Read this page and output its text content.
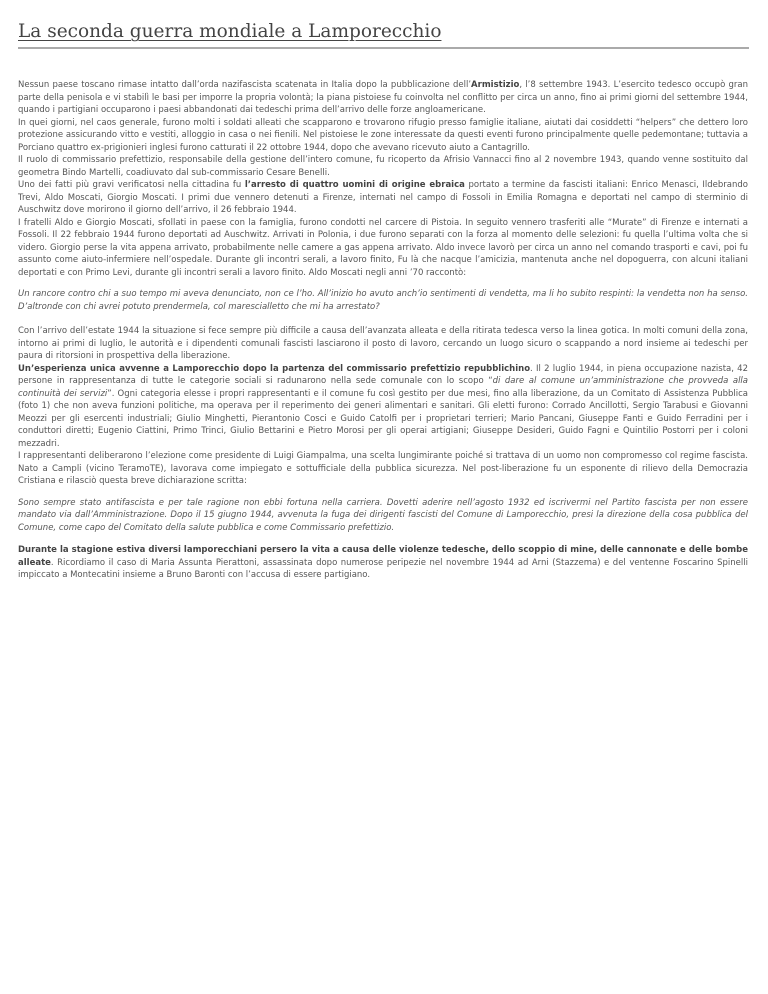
La seconda guerra mondiale a Lamporecchio

Nessun paese toscano rimase intatto dall’orda nazifascista scatenata in Italia dopo la pubblicazione dell’Armistizio, l’8 settembre 1943. L’esercito tedesco occupò gran parte della penisola e vi stabilì le basi per imporre la propria volontà; la piana pistoiese fu coinvolta nel conflitto per circa un anno, fino ai primi giorni del settembre 1944, quando i partigiani occuparono i paesi abbandonati dai tedeschi prima dell’arrivo delle forze angloamericane.

In quei giorni, nel caos generale, furono molti i soldati alleati che scapparono e trovarono rifugio presso famiglie italiane, aiutati dai cosiddetti “helpers” che dettero loro protezione assicurando vitto e vestiti, alloggio in casa o nei fienili. Nel pistoiese le zone interessate da questi eventi furono principalmente quelle pedemontane; tuttavia a Porciano quattro ex-prigionieri inglesi furono catturati il 22 ottobre 1944, dopo che avevano ricevuto aiuto a Cantagrillo.

Il ruolo di commissario prefettizio, responsabile della gestione dell’intero comune, fu ricoperto da Afrisio Vannacci fino al 2 novembre 1943, quando venne sostituito dal geometra Bindo Martelli, coadiuvato dal sub-commissario Cesare Benelli.

Uno dei fatti più gravi verificatosi nella cittadina fu l’arresto di quattro uomini di origine ebraica portato a termine da fascisti italiani: Enrico Menasci, Ildebrando Trevi, Aldo Moscati, Giorgio Moscati. I primi due vennero detenuti a Firenze, internati nel campo di Fossoli in Emilia Romagna e deportati nel campo di sterminio di Auschwitz dove morirono il giorno dell’arrivo, il 26 febbraio 1944.

I fratelli Aldo e Giorgio Moscati, sfollati in paese con la famiglia, furono condotti nel carcere di Pistoia. In seguito vennero trasferiti alle “Murate” di Firenze e internati a Fossoli. Il 22 febbraio 1944 furono deportati ad Auschwitz. Arrivati in Polonia, i due furono separati con la forza al momento delle selezioni: fu quella l’ultima volta che si videro. Giorgio perse la vita appena arrivato, probabilmente nelle camere a gas appena arrivato. Aldo invece lavorò per circa un anno nel comando trasporti e cavi, poi fu assunto come aiuto-infermiere nell’ospedale. Durante gli incontri serali, a lavoro finito, Fu là che nacque l’amicizia, mantenuta anche nel dopoguerra, con alcuni italiani deportati e con Primo Levi, durante gli incontri serali a lavoro finito. Aldo Moscati negli anni ’70 raccontò:

Un rancore contro chi a suo tempo mi aveva denunciato, non ce l’ho. All’inizio ho avuto anch’io sentimenti di vendetta, ma li ho subito respinti: la vendetta non ha senso. D’altronde con chi avrei potuto prendermela, col marescialletto che mi ha arrestato?

Con l’arrivo dell’estate 1944 la situazione si fece sempre più difficile a causa dell’avanzata alleata e della ritirata tedesca verso la linea gotica. In molti comuni della zona, intorno ai primi di luglio, le autorità e i dipendenti comunali fascisti lasciarono il posto di lavoro, cercando un luogo sicuro o scappando a nord insieme ai tedeschi per paura di ritorsioni in prospettiva della liberazione.

Un’esperienza unica avvenne a Lamporecchio dopo la partenza del commissario prefettizio repubblichino. Il 2 luglio 1944, in piena occupazione nazista, 42 persone in rappresentanza di tutte le categorie sociali si radunarono nella sede comunale con lo scopo “di dare al comune un’amministrazione che provveda alla continuità dei servizi”. Ogni categoria elesse i propri rappresentanti e il comune fu così gestito per due mesi, fino alla liberazione, da un Comitato di Assistenza Pubblica (foto 1) che non aveva funzioni politiche, ma operava per il reperimento dei generi alimentari e sanitari. Gli eletti furono: Corrado Ancillotti, Sergio Tarabusi e Giovanni Meozzi per gli esercenti industriali; Giulio Minghetti, Pierantonio Cosci e Guido Catolfi per i proprietari terrieri; Mario Pancani, Giuseppe Fanti e Guido Ferradini per i conduttori diretti; Eugenio Ciattini, Primo Trinci, Giulio Bettarini e Pietro Morosi per gli operai artigiani; Giuseppe Desideri, Guido Fagni e Quintilio Postorri per i coloni mezzadri.

I rappresentanti deliberarono l’elezione come presidente di Luigi Giampalma, una scelta lungimirante poiché si trattava di un uomo non compromesso col regime fascista. Nato a Campli (vicino TeramoTE), lavorava come impiegato e sottufficiale della pubblica sicurezza. Nel post-liberazione fu un esponente di rilievo della Democrazia Cristiana e rilasciò questa breve dichiarazione scritta:

Sono sempre stato antifascista e per tale ragione non ebbi fortuna nella carriera. Dovetti aderire nell’agosto 1932 ed iscrivermi nel Partito fascista per non essere mandato via dall’Amministrazione. Dopo il 15 giugno 1944, avvenuta la fuga dei dirigenti fascisti del Comune di Lamporecchio, presi la direzione della cosa pubblica del Comune, come capo del Comitato della salute pubblica e come Commissario prefettizio.

Durante la stagione estiva diversi lamporecchiani persero la vita a causa delle violenze tedesche, dello scoppio di mine, delle cannonate e delle bombe alleate. Ricordiamo il caso di Maria Assunta Pierattoni, assassinata dopo numerose peripezie nel novembre 1944 ad Arni (Stazzema) e del ventenne Foscarino Spinelli impiccato a Montecatini insieme a Bruno Baronti con l’accusa di essere partigiano.
